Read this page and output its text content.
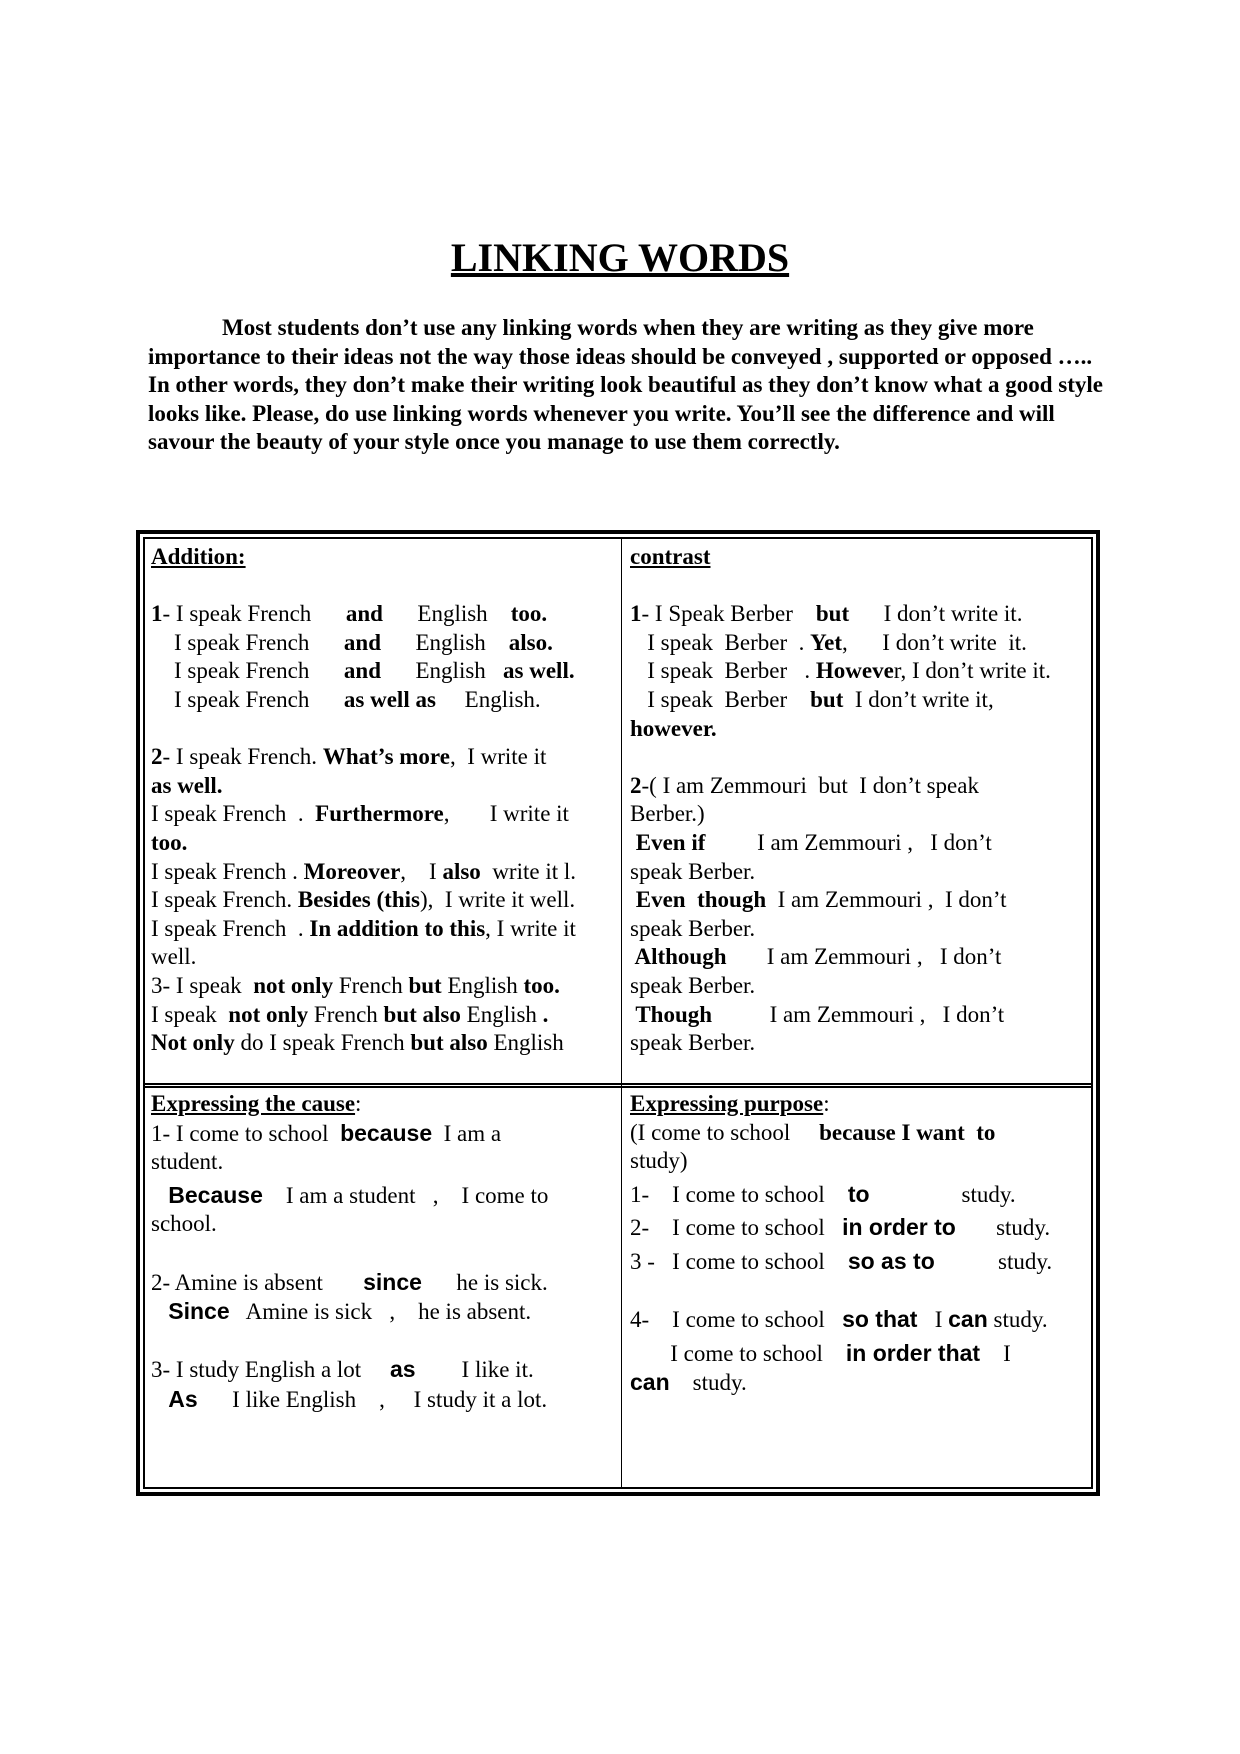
LINKING WORDS

Most students don’t use any linking words when they are writing as they give more importance to their ideas not the way those ideas should be conveyed , supported or opposed ….. In other words, they don’t make their writing look beautiful as they don’t know what a good style looks like. Please, do use linking words whenever you write. You’ll see the difference and will savour the beauty of your style once you manage to use them correctly.

Addition:
1- I speak French      and      English    too.
I speak French      and      English    also.
I speak French      and      English   as well.
I speak French      as well as     English.
2- I speak French. What’s more,  I write it
as well.
I speak French  .  Furthermore,       I write it
too.
I speak French . Moreover,    I also  write it l.
I speak French. Besides (this),  I write it well.
I speak French  . In addition to this, I write it
well.
3- I speak  not only French but English too.
I speak  not only French but also English .
Not only do I speak French but also English
contrast
1- I Speak Berber    but      I don’t write it.
I speak  Berber  . Yet,      I don’t write  it.
I speak  Berber   . However, I don’t write it.
I speak  Berber    but  I don’t write it,
however.
2-( I am Zemmouri  but  I don’t speak
Berber.)
Even if         I am Zemmouri ,   I don’t
speak Berber.
Even  though  I am Zemmouri ,  I don’t
speak Berber.
Although       I am Zemmouri ,   I don’t
speak Berber.
Though          I am Zemmouri ,   I don’t
speak Berber.
Expressing the cause:
1- I come to school  because  I am a
student.
Because    I am a student   ,    I come to
school.
2- Amine is absent       since      he is sick.
Since   Amine is sick   ,    he is absent.
3- I study English a lot     as        I like it.
As      I like English    ,     I study it a lot.
Expressing purpose:
(I come to school     because I want  to
study)
1-    I come to school    to                study.
2-    I come to school   in order to       study.
3 -   I come to school    so as to           study.
4-    I come to school   so that   I can study.
I come to school    in order that    I
can    study.
